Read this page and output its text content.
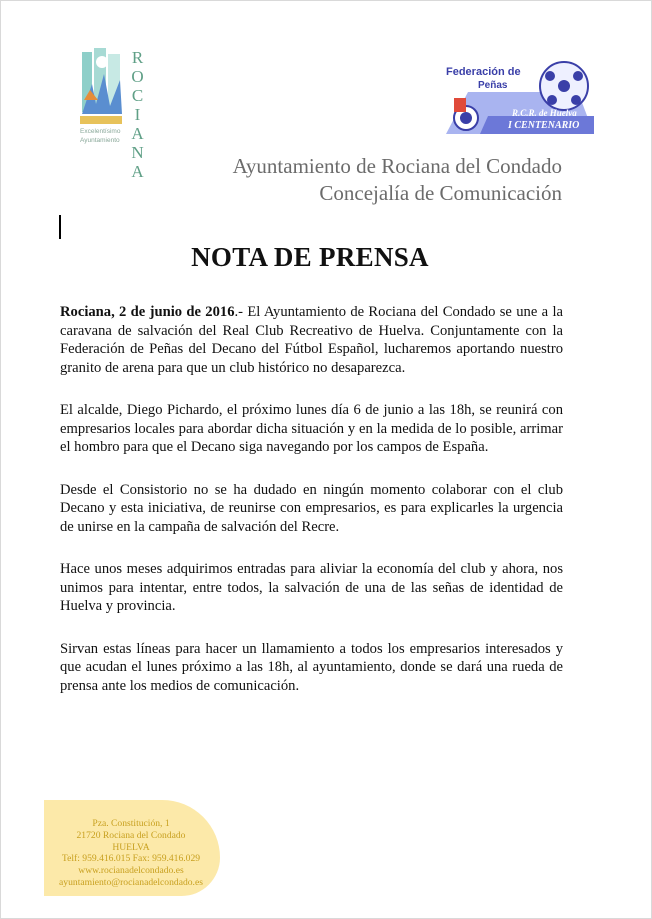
ROCIANA
Excelentísimo
Ayuntamiento
Federación de
Peñas
R.C.R. de Huelva
I CENTENARIO
Ayuntamiento de Rociana del Condado
Concejalía de Comunicación
NOTA DE PRENSA

Rociana, 2 de junio de 2016.- El Ayuntamiento de Rociana del Condado se une a la caravana de salvación del Real Club Recreativo de Huelva. Conjuntamente con la Federación de Peñas del Decano del Fútbol Español, lucharemos aportando nuestro granito de arena para que un club histórico no desaparezca.

El alcalde, Diego Pichardo, el próximo lunes día 6 de junio a las 18h, se reunirá con empresarios locales para abordar dicha situación y en la medida de lo posible, arrimar el hombro para que el Decano siga navegando por los campos de España.

Desde el Consistorio no se ha dudado en ningún momento colaborar con el club Decano y esta iniciativa, de reunirse con empresarios, es para explicarles la urgencia de unirse en la campaña de salvación del Recre.

Hace unos meses adquirimos entradas para aliviar la economía del club y ahora, nos unimos para intentar, entre todos, la salvación de una de las señas de identidad de Huelva y provincia.

Sirvan estas líneas para hacer un llamamiento a todos los empresarios interesados y que acudan el lunes próximo a las 18h, al ayuntamiento, donde se dará una rueda de prensa ante los medios de comunicación.

Pza. Constitución, 1
21720 Rociana del Condado
HUELVA
Telf: 959.416.015 Fax: 959.416.029
www.rocianadelcondado.es
ayuntamiento@rocianadelcondado.es
